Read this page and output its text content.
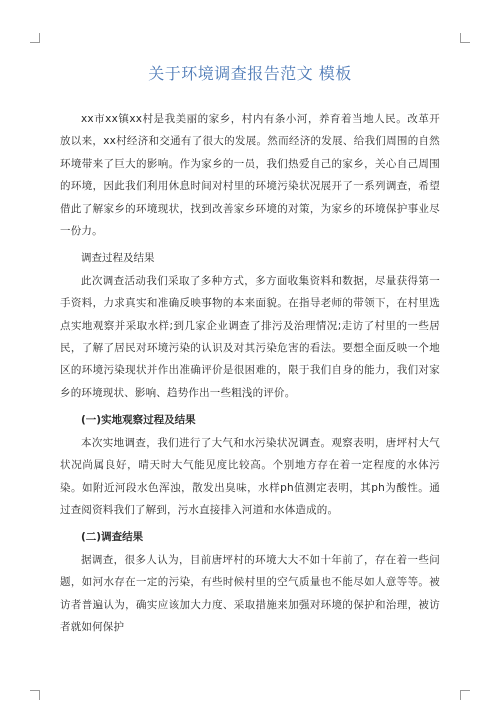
关于环境调查报告范文 模板

xx市xx镇xx村是我美丽的家乡，村内有条小河，养育着当地人民。改革开放以来，xx村经济和交通有了很大的发展。然而经济的发展、给我们周围的自然环境带来了巨大的影响。作为家乡的一员，我们热爱自己的家乡，关心自己周围的环境，因此我们利用休息时间对村里的环境污染状况展开了一系列调查，希望借此了解家乡的环境现状，找到改善家乡环境的对策，为家乡的环境保护事业尽一份力。

调查过程及结果

此次调查活动我们采取了多种方式，多方面收集资料和数据，尽量获得第一手资料，力求真实和准确反映事物的本来面貌。在指导老师的带领下，在村里选点实地观察并采取水样;到几家企业调查了排污及治理情况;走访了村里的一些居民，了解了居民对环境污染的认识及对其污染危害的看法。要想全面反映一个地区的环境污染现状并作出准确评价是很困难的，限于我们自身的能力，我们对家乡的环境现状、影响、趋势作出一些粗浅的评价。

(一)实地观察过程及结果

本次实地调查，我们进行了大气和水污染状况调查。观察表明，唐坪村大气状况尚属良好，晴天时大气能见度比较高。个别地方存在着一定程度的水体污染。如附近河段水色浑浊，散发出臭味，水样ph值测定表明，其ph为酸性。通过查阅资料我们了解到，污水直接排入河道和水体造成的。

(二)调查结果

据调查，很多人认为，目前唐坪村的环境大大不如十年前了，存在着一些问题，如河水存在一定的污染，有些时候村里的空气质量也不能尽如人意等等。被访者普遍认为，确实应该加大力度、采取措施来加强对环境的保护和治理，被访者就如何保护
